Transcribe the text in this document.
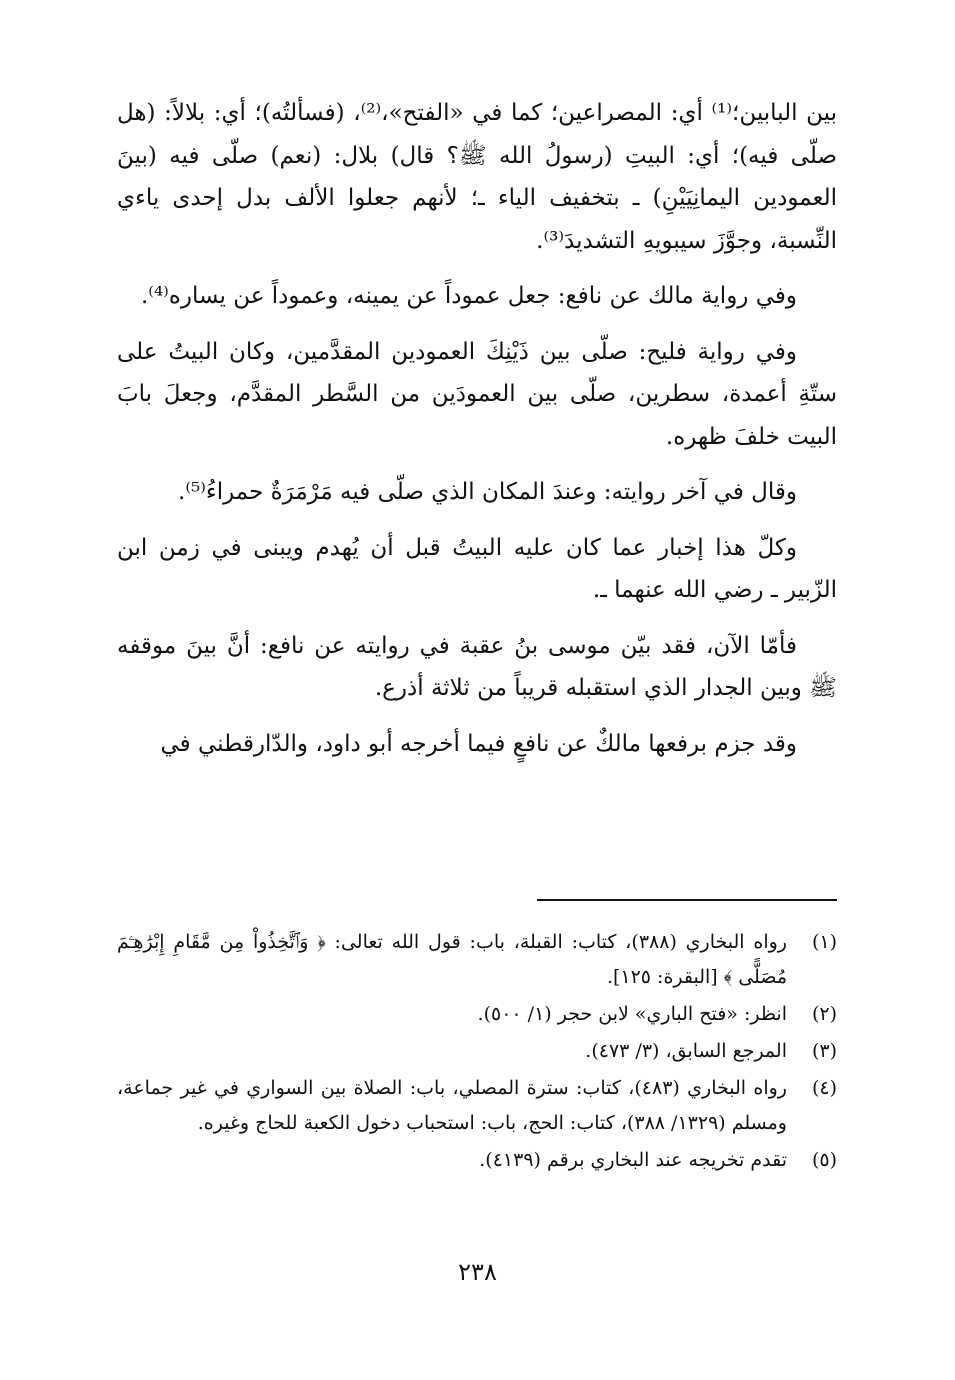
بين البابين؛⁽¹⁾ أي: المصراعين؛ كما في «الفتح»،⁽²⁾، (فسألتُه)؛ أي: بلالاً: (هل صلّى فيه)؛ أي: البيتِ (رسولُ الله ﷺ؟ قال) بلال: (نعم) صلّى فيه (بينَ العمودين اليمانِيَيْنِ) ـ بتخفيف الياء ـ؛ لأنهم جعلوا الألف بدل إحدى ياءي النِّسبة، وجوَّزَ سيبويهِ التشديدَ⁽³⁾.

وفي رواية مالك عن نافع: جعل عموداً عن يمينه، وعموداً عن يساره⁽⁴⁾.

وفي رواية فليح: صلّى بين ذَيْنِكَ العمودين المقدَّمين، وكان البيتُ على ستّةِ أعمدة، سطرين، صلّى بين العمودَين من السَّطر المقدَّم، وجعلَ بابَ البيت خلفَ ظهره.

وقال في آخر روايته: وعندَ المكان الذي صلّى فيه مَرْمَرَةٌ حمراءُ⁽⁵⁾.

وكلّ هذا إخبار عما كان عليه البيتُ قبل أن يُهدم ويبنى في زمن ابن الزّبير ـ رضي الله عنهما ـ.

فأمّا الآن، فقد بيّن موسى بنُ عقبة في روايته عن نافع: أنَّ بينَ موقفه ﷺ وبين الجدار الذي استقبله قريباً من ثلاثة أذرع.

وقد جزم برفعها مالكٌ عن نافعٍ فيما أخرجه أبو داود، والدّارقطني في

(١)
رواه البخاري (٣٨٨)، كتاب: القبلة، باب: قول الله تعالى: ﴿ وَٱتَّخِذُواْ مِن مَّقَامِ إِبْرَٰهِـۧمَ مُصَلًّى ﴾ [البقرة: ١٢٥].
(٢)
انظر: «فتح الباري» لابن حجر (١/ ٥٠٠).
(٣)
المرجع السابق، (٣/ ٤٧٣).
(٤)
رواه البخاري (٤٨٣)، كتاب: سترة المصلي، باب: الصلاة بين السواري في غير جماعة، ومسلم (١٣٢٩/ ٣٨٨)، كتاب: الحج، باب: استحباب دخول الكعبة للحاج وغيره.
(٥)
تقدم تخريجه عند البخاري برقم (٤١٣٩).
٢٣٨
